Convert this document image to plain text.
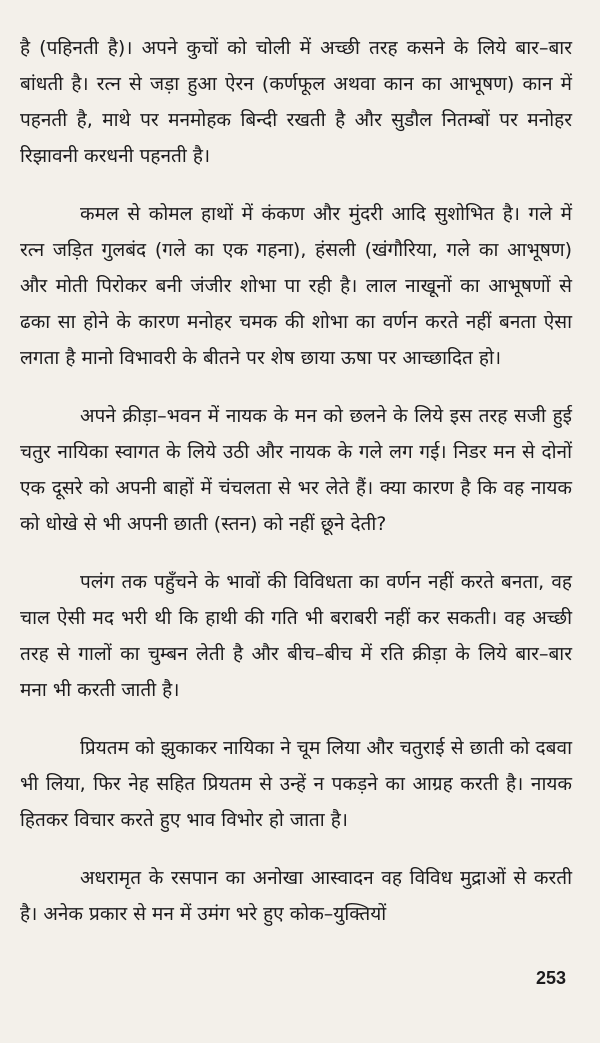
है (पहिनती है)। अपने कुचों को चोली में अच्छी तरह कसने के लिये बार–बार बांधती है। रत्न से जड़ा हुआ ऐरन (कर्णफूल अथवा कान का आभूषण) कान में पहनती है, माथे पर मनमोहक बिन्दी रखती है और सुडौल नितम्बों पर मनोहर रिझावनी करधनी पहनती है।

कमल से कोमल हाथों में कंकण और मुंदरी आदि सुशोभित है। गले में रत्न जड़ित गुलबंद (गले का एक गहना), हंसली (खंगौरिया, गले का आभूषण) और मोती पिरोकर बनी जंजीर शोभा पा रही है। लाल नाखूनों का आभूषणों से ढका सा होने के कारण मनोहर चमक की शोभा का वर्णन करते नहीं बनता ऐसा लगता है मानो विभावरी के बीतने पर शेष छाया ऊषा पर आच्छादित हो।

अपने क्रीड़ा–भवन में नायक के मन को छलने के लिये इस तरह सजी हुई चतुर नायिका स्वागत के लिये उठी और नायक के गले लग गई। निडर मन से दोनों एक दूसरे को अपनी बाहों में चंचलता से भर लेते हैं। क्या कारण है कि वह नायक को धोखे से भी अपनी छाती (स्तन) को नहीं छूने देती?

पलंग तक पहुँचने के भावों की विविधता का वर्णन नहीं करते बनता, वह चाल ऐसी मद भरी थी कि हाथी की गति भी बराबरी नहीं कर सकती। वह अच्छी तरह से गालों का चुम्बन लेती है और बीच–बीच में रति क्रीड़ा के लिये बार–बार मना भी करती जाती है।

प्रियतम को झुकाकर नायिका ने चूम लिया और चतुराई से छाती को दबवा भी लिया, फिर नेह सहित प्रियतम से उन्हें न पकड़ने का आग्रह करती है। नायक हितकर विचार करते हुए भाव विभोर हो जाता है।

अधरामृत के रसपान का अनोखा आस्वादन वह विविध मुद्राओं से करती है। अनेक प्रकार से मन में उमंग भरे हुए कोक–युक्तियों

253
